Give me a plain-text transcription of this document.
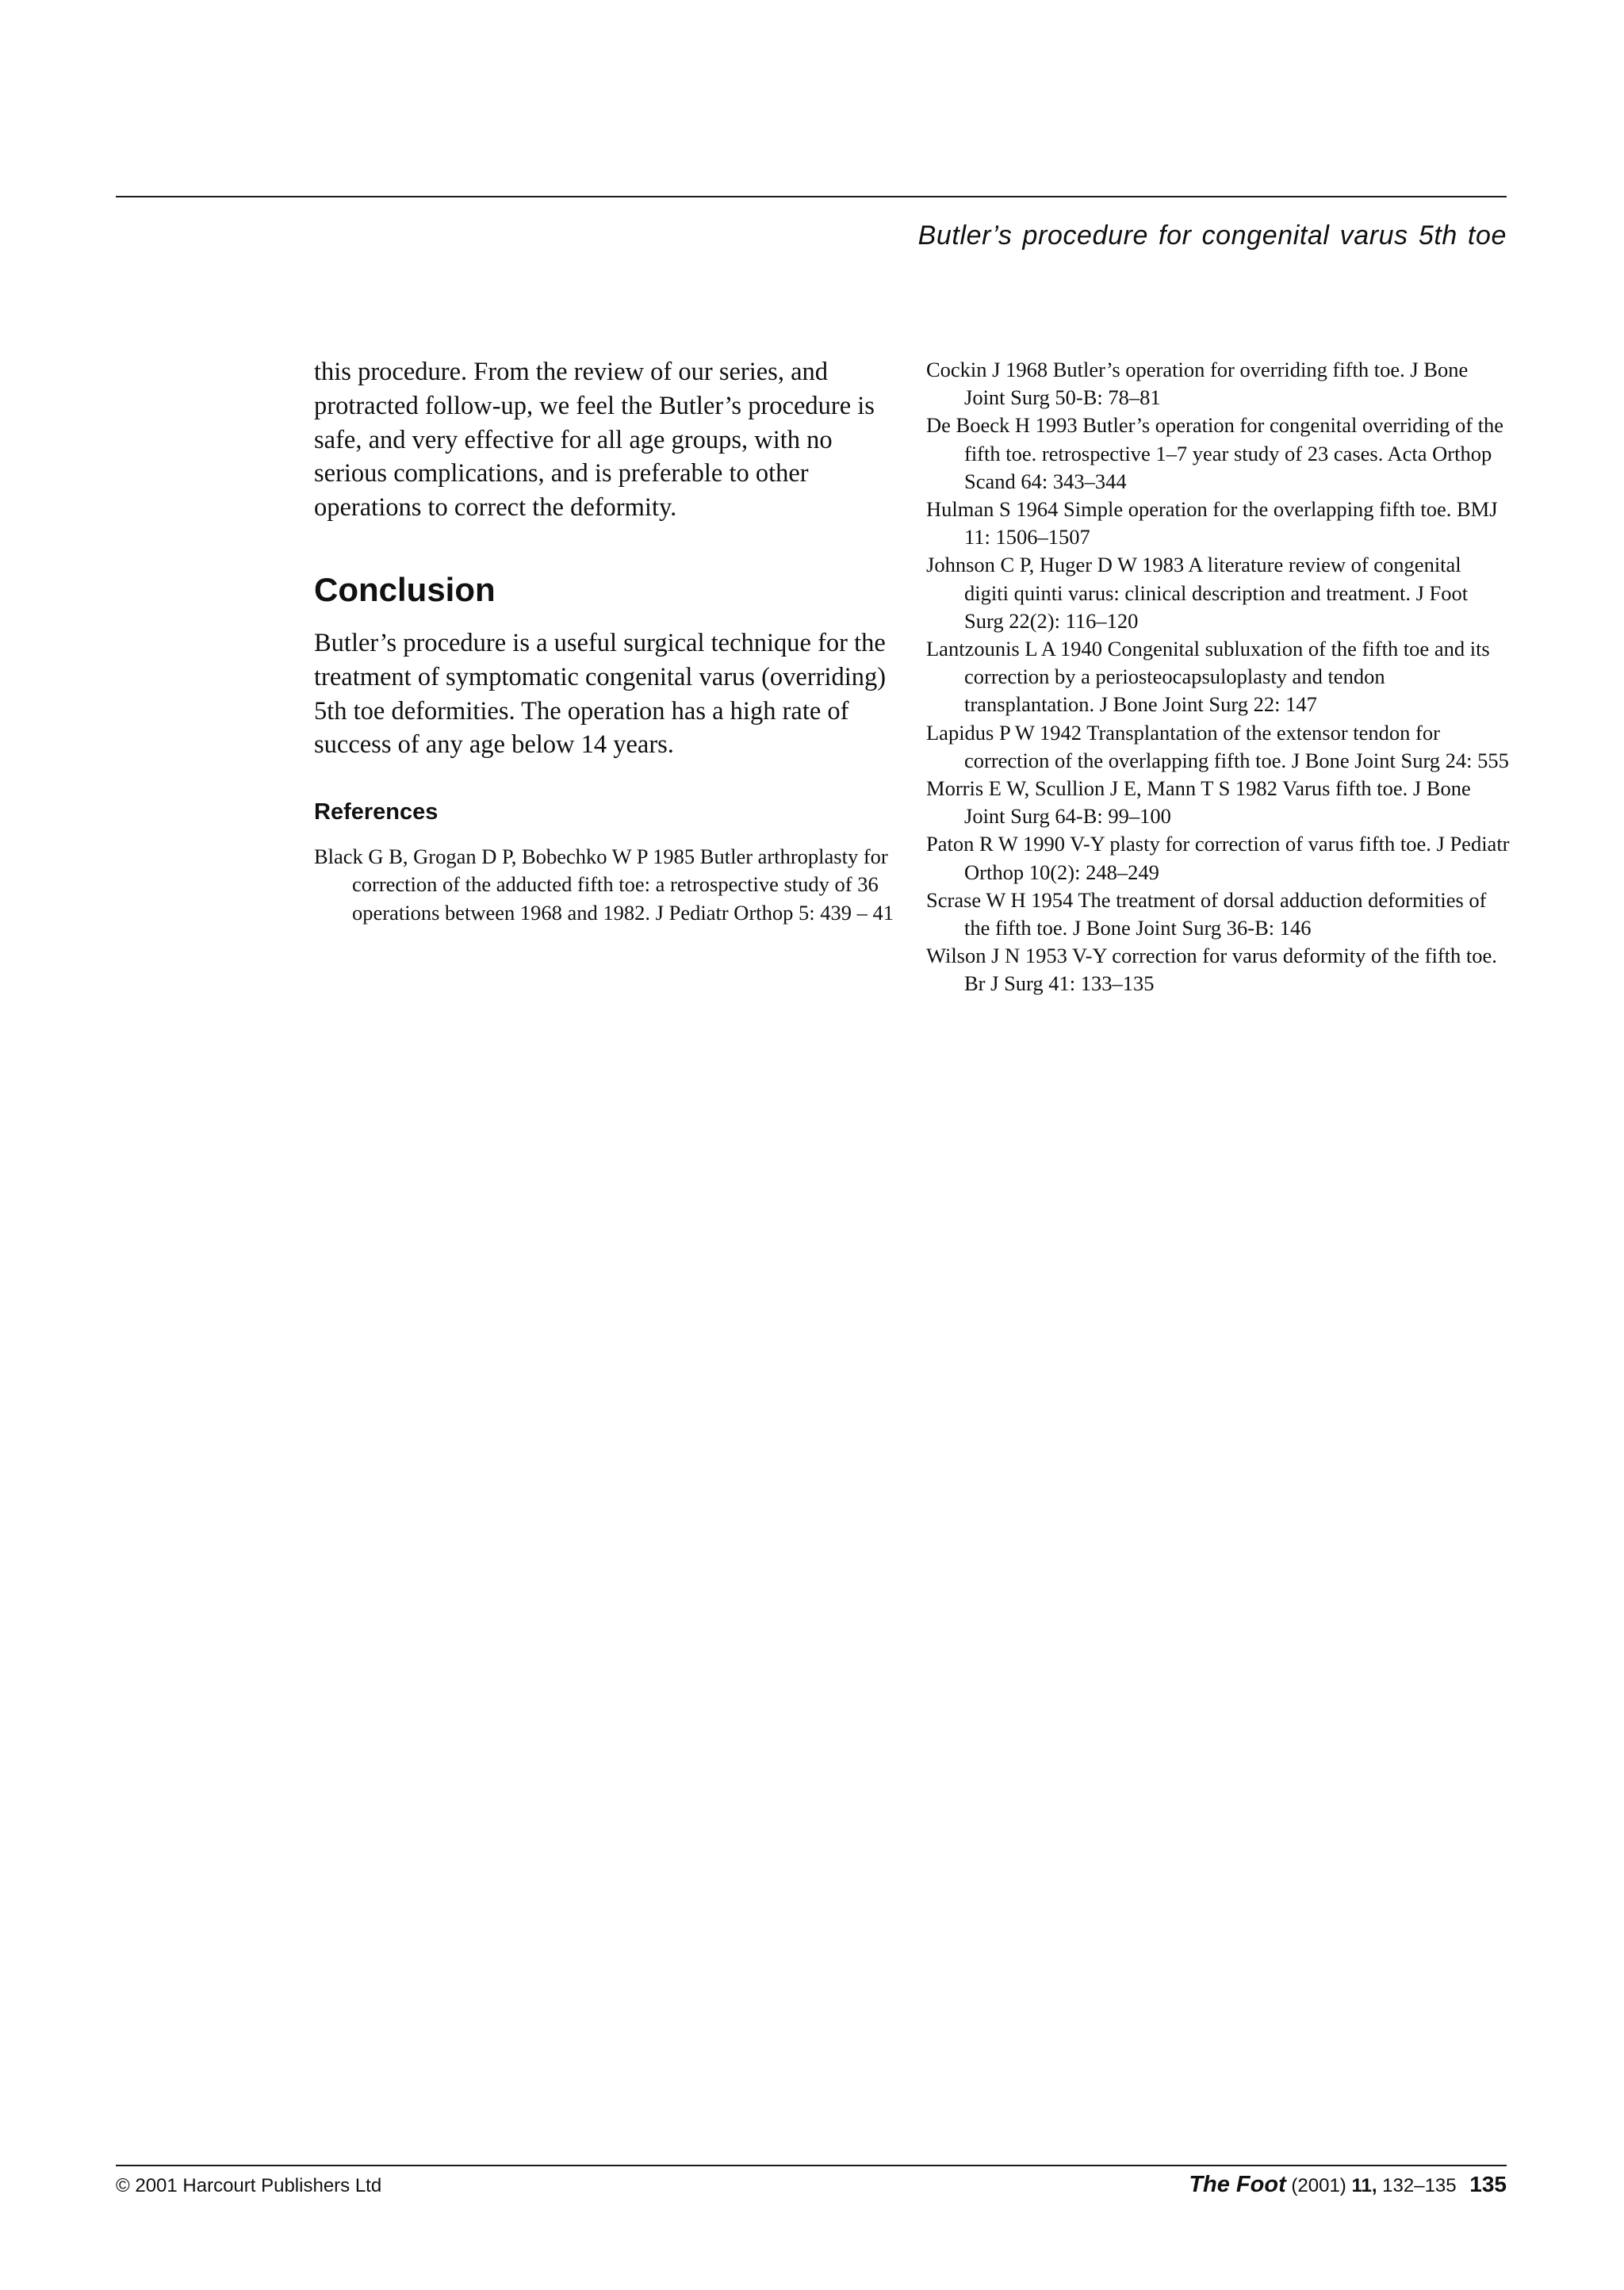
Butler’s procedure for congenital varus 5th toe

this procedure. From the review of our series, and protracted follow-up, we feel the Butler’s procedure is safe, and very effective for all age groups, with no serious complications, and is preferable to other operations to correct the deformity.

Conclusion

Butler’s procedure is a useful surgical technique for the treatment of symptomatic congenital varus (overriding) 5th toe deformities. The operation has a high rate of success of any age below 14 years.

References
Black G B, Grogan D P, Bobechko W P 1985 Butler arthroplasty for correction of the adducted fifth toe: a retrospective study of 36 operations between 1968 and 1982. J Pediatr Orthop 5: 439 – 41
Cockin J 1968 Butler’s operation for overriding fifth toe. J Bone Joint Surg 50-B: 78–81
De Boeck H 1993 Butler’s operation for congenital overriding of the fifth toe. retrospective 1–7 year study of 23 cases. Acta Orthop Scand 64: 343–344
Hulman S 1964 Simple operation for the overlapping fifth toe. BMJ 11: 1506–1507
Johnson C P, Huger D W 1983 A literature review of congenital digiti quinti varus: clinical description and treatment. J Foot Surg 22(2): 116–120
Lantzounis L A 1940 Congenital subluxation of the fifth toe and its correction by a periosteocapsuloplasty and tendon transplantation. J Bone Joint Surg 22: 147
Lapidus P W 1942 Transplantation of the extensor tendon for correction of the overlapping fifth toe. J Bone Joint Surg 24: 555
Morris E W, Scullion J E, Mann T S 1982 Varus fifth toe. J Bone Joint Surg 64-B: 99–100
Paton R W 1990 V-Y plasty for correction of varus fifth toe. J Pediatr Orthop 10(2): 248–249
Scrase W H 1954 The treatment of dorsal adduction deformities of the fifth toe. J Bone Joint Surg 36-B: 146
Wilson J N 1953 V-Y correction for varus deformity of the fifth toe. Br J Surg 41: 133–135
© 2001 Harcourt Publishers Ltd	The Foot (2001) 11, 132–135 135
